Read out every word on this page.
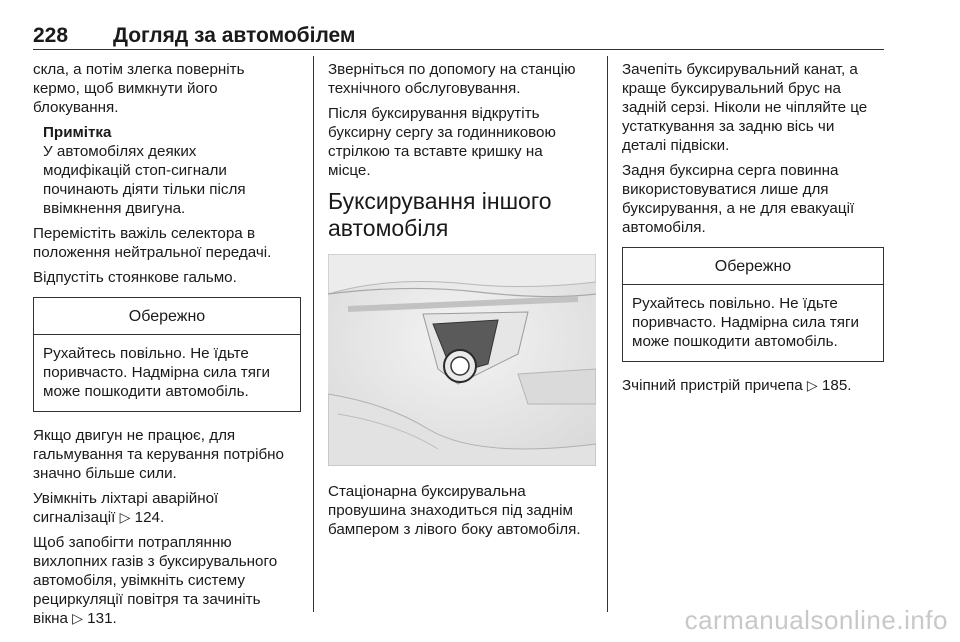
228 Догляд за автомобілем
скла, а потім злегка поверніть
кермо, щоб вимкнути його
блокування.
Примітка
У автомобілях деяких
модифікацій стоп-сигнали
починають діяти тільки після
ввімкнення двигуна.
Перемістіть важіль селектора в
положення нейтральної передачі.
Відпустіть стоянкове гальмо.
Обережно
Рухайтесь повільно. Не їдьте
поривчасто. Надмірна сила тяги
може пошкодити автомобіль.
Якщо двигун не працює, для
гальмування та керування потрібно
значно більше сили.
Увімкніть ліхтарі аварійної
сигналізації ▷ 124.
Щоб запобігти потраплянню
вихлопних газів з буксирувального
автомобіля, увімкніть систему
рециркуляції повітря та зачиніть
вікна ▷ 131.
Зверніться по допомогу на станцію
технічного обслуговування.
Після буксирування відкрутіть
буксирну сергу за годинниковою
стрілкою та вставте кришку на
місце.
Буксирування іншого
автомобіля
Стаціонарна буксирувальна
провушина знаходиться під заднім
бампером з лівого боку автомобіля.
Зачепіть буксирувальний канат, а
краще буксирувальний брус на
задній серзі. Ніколи не чіпляйте це
устаткування за задню вісь чи
деталі підвіски.
Задня буксирна серга повинна
використовуватися лише для
буксирування, а не для евакуації
автомобіля.
Обережно
Рухайтесь повільно. Не їдьте
поривчасто. Надмірна сила тяги
може пошкодити автомобіль.
Зчіпний пристрій причепа ▷ 185.
carmanualsonline.info
